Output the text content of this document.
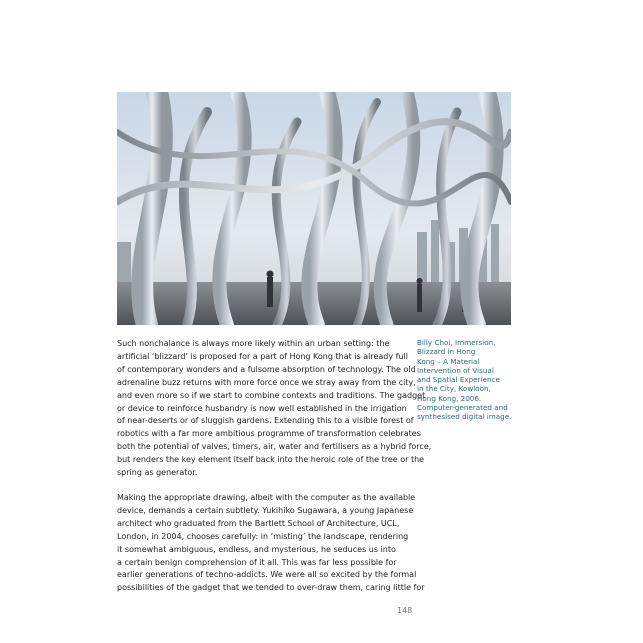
Such nonchalance is always more likely within an urban setting: the
artificial ‘blizzard’ is proposed for a part of Hong Kong that is already full
of contemporary wonders and a fulsome absorption of technology. The old
adrenaline buzz returns with more force once we stray away from the city,
and even more so if we start to combine contexts and traditions. The gadget
or device to reinforce husbandry is now well established in the irrigation
of near-deserts or of sluggish gardens. Extending this to a visible forest of
robotics with a far more ambitious programme of transformation celebrates
both the potential of valves, timers, air, water and fertilisers as a hybrid force,
but renders the key element itself back into the heroic role of the tree or the
spring as generator.

Making the appropriate drawing, albeit with the computer as the available
device, demands a certain subtlety. Yukihiko Sugawara, a young Japanese
architect who graduated from the Bartlett School of Architecture, UCL,
London, in 2004, chooses carefully: in ‘misting’ the landscape, rendering
it somewhat ambiguous, endless, and mysterious, he seduces us into
a certain benign comprehension of it all. This was far less possible for
earlier generations of techno-addicts. We were all so excited by the formal
possibilities of the gadget that we tended to over-draw them, caring little for

Billy Choi, Immersion,
Blizzard in Hong
Kong – A Material
Intervention of Visual
and Spatial Experience
in the City, Kowloon,
Hong Kong, 2006.
Computer-generated and
synthesised digital image.
148
